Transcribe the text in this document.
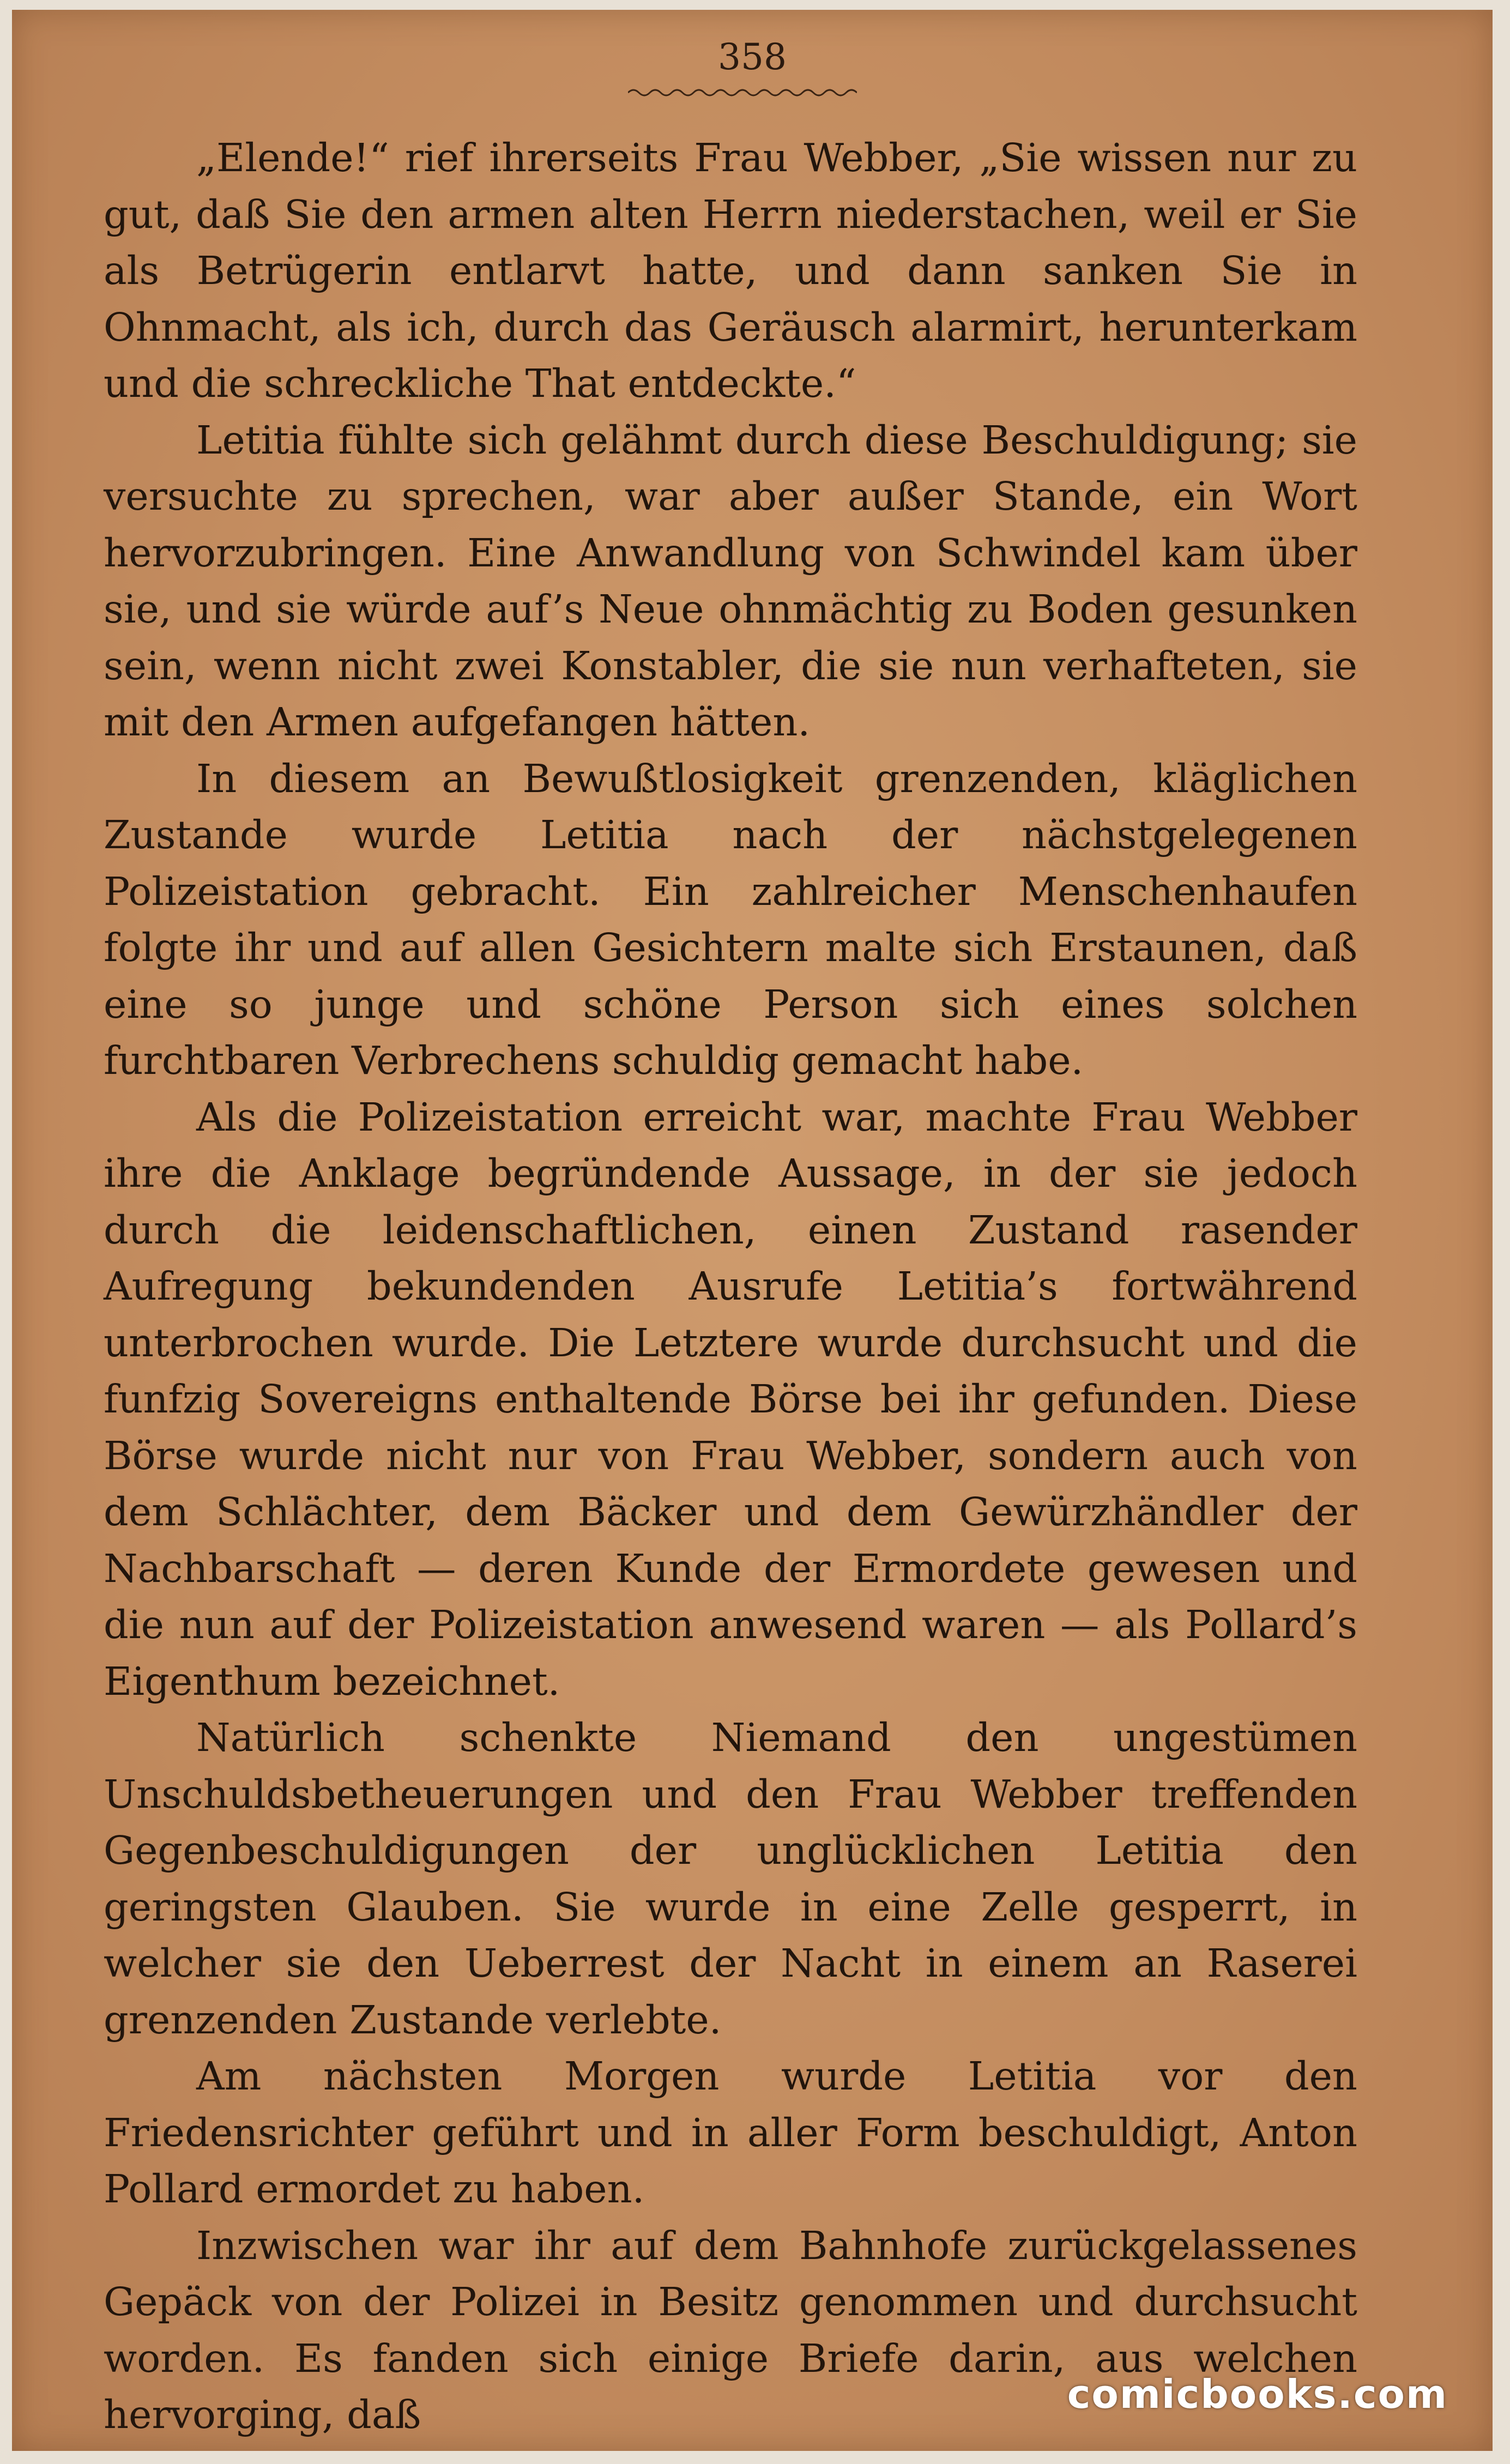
358

„Elende!“ rief ihrerseits Frau Webber, „Sie wissen nur zu gut, daß Sie den armen alten Herrn niederstachen, weil er Sie als Betrügerin entlarvt hatte, und dann sanken Sie in Ohnmacht, als ich, durch das Geräusch alarmirt, herunterkam und die schreckliche That entdeckte.“

Letitia fühlte sich gelähmt durch diese Beschuldigung; sie versuchte zu sprechen, war aber außer Stande, ein Wort hervorzubringen. Eine Anwandlung von Schwindel kam über sie, und sie würde auf’s Neue ohnmächtig zu Boden gesunken sein, wenn nicht zwei Konstabler, die sie nun verhafteten, sie mit den Armen aufgefangen hätten.

In diesem an Bewußtlosigkeit grenzenden, kläglichen Zustande wurde Letitia nach der nächstgelegenen Polizeistation gebracht. Ein zahlreicher Menschenhaufen folgte ihr und auf allen Gesichtern malte sich Erstaunen, daß eine so junge und schöne Person sich eines solchen furchtbaren Verbrechens schuldig gemacht habe.

Als die Polizeistation erreicht war, machte Frau Webber ihre die Anklage begründende Aussage, in der sie jedoch durch die leidenschaftlichen, einen Zustand rasender Aufregung bekundenden Ausrufe Letitia’s fortwährend unterbrochen wurde. Die Letztere wurde durchsucht und die funfzig Sovereigns enthaltende Börse bei ihr gefunden. Diese Börse wurde nicht nur von Frau Webber, sondern auch von dem Schlächter, dem Bäcker und dem Gewürzhändler der Nachbarschaft — deren Kunde der Ermordete gewesen und die nun auf der Polizeistation anwesend waren — als Pollard’s Eigenthum bezeichnet.

Natürlich schenkte Niemand den ungestümen Unschuldsbetheuerungen und den Frau Webber treffenden Gegenbeschuldigungen der unglücklichen Letitia den geringsten Glauben. Sie wurde in eine Zelle gesperrt, in welcher sie den Ueberrest der Nacht in einem an Raserei grenzenden Zustande verlebte.

Am nächsten Morgen wurde Letitia vor den Friedensrichter geführt und in aller Form beschuldigt, Anton Pollard ermordet zu haben.

Inzwischen war ihr auf dem Bahnhofe zurückgelassenes Gepäck von der Polizei in Besitz genommen und durchsucht worden. Es fanden sich einige Briefe darin, aus welchen hervorging, daß	comicbooks.com
